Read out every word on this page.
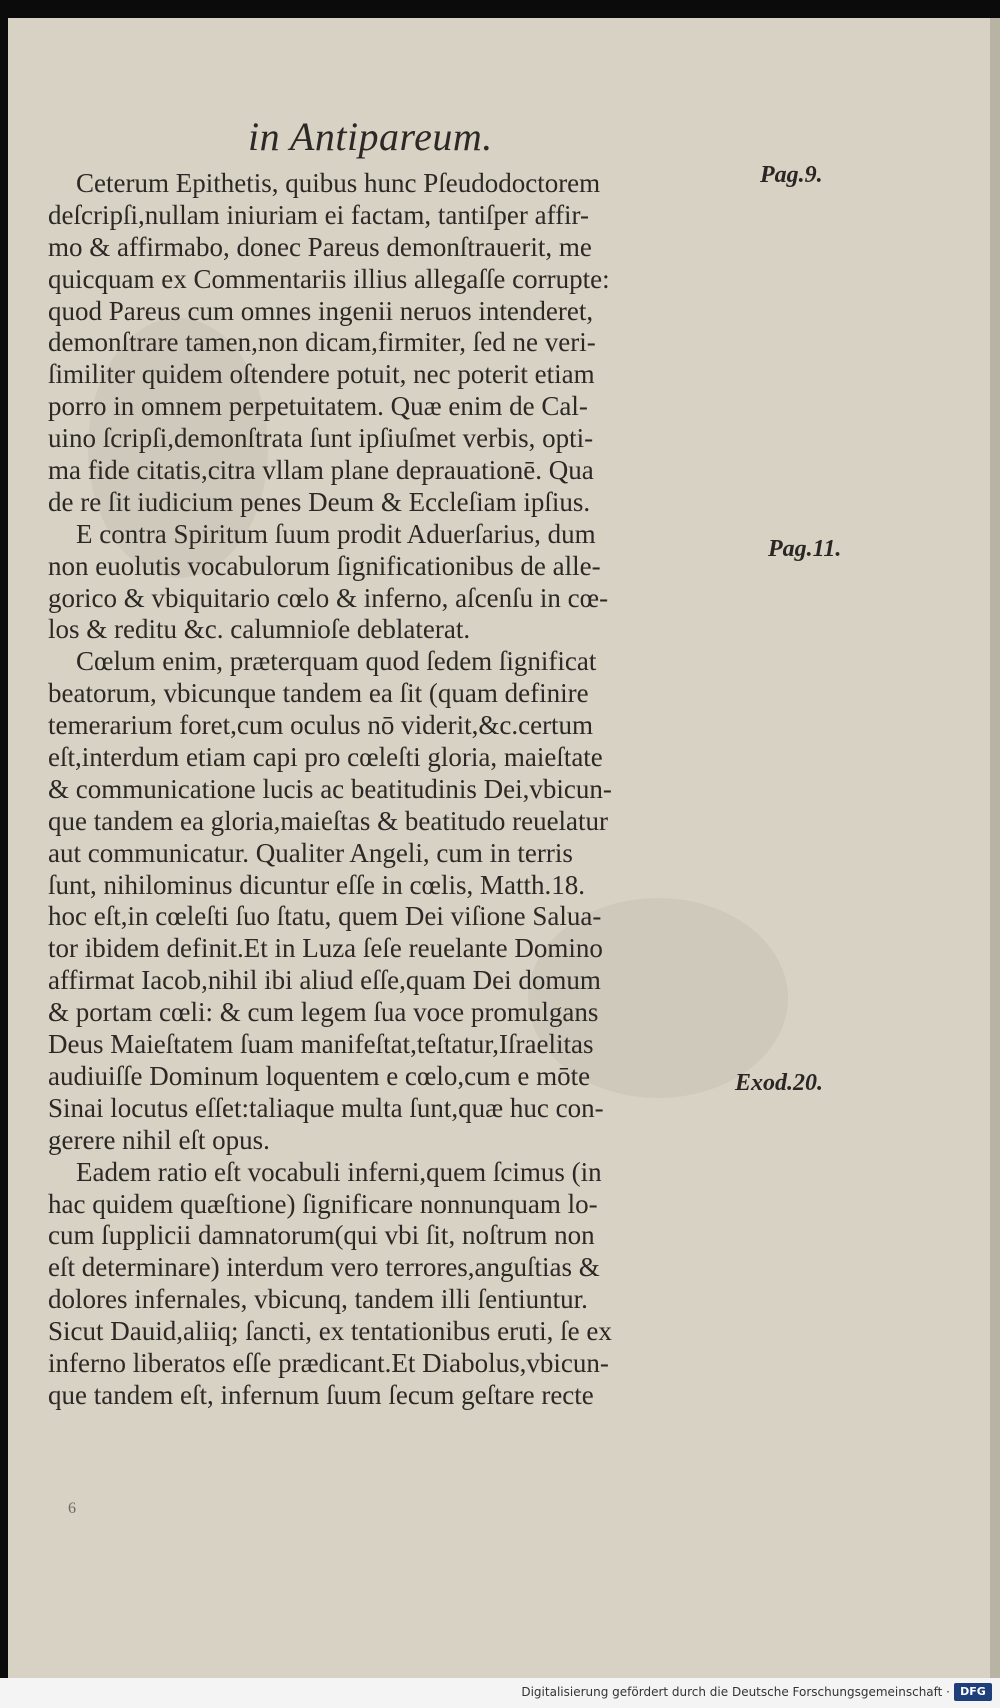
in Antipareum.
Ceterum Epithetis, quibus hunc Pſeudodoctorem
deſcripſi,nullam iniuriam ei factam, tantiſper affir-
mo & affirmabo, donec Pareus demonſtrauerit, me
quicquam ex Commentariis illius allegaſſe corrupte:
quod Pareus cum omnes ingenii neruos intenderet,
demonſtrare tamen,non dicam,firmiter, ſed ne veri-
ſimiliter quidem oſtendere potuit, nec poterit etiam
porro in omnem perpetuitatem. Quæ enim de Cal-
uino ſcripſi,demonſtrata ſunt ipſiuſmet verbis, opti-
ma fide citatis,citra vllam plane deprauationē. Qua
de re ſit iudicium penes Deum & Eccleſiam ipſius.
E contra Spiritum ſuum prodit Aduerſarius, dum
non euolutis vocabulorum ſignificationibus de alle-
gorico & vbiquitario cœlo & inferno, aſcenſu in cœ-
los & reditu &c. calumnioſe deblaterat.
Cœlum enim, præterquam quod ſedem ſignificat
beatorum, vbicunque tandem ea ſit (quam definire
temerarium foret,cum oculus nō viderit,&c.certum
eſt,interdum etiam capi pro cœleſti gloria, maieſtate
& communicatione lucis ac beatitudinis Dei,vbicun-
que tandem ea gloria,maieſtas & beatitudo reuelatur
aut communicatur. Qualiter Angeli, cum in terris
ſunt, nihilominus dicuntur eſſe in cœlis, Matth.18.
hoc eſt,in cœleſti ſuo ſtatu, quem Dei viſione Salua-
tor ibidem definit.Et in Luza ſeſe reuelante Domino
affirmat Iacob,nihil ibi aliud eſſe,quam Dei domum
& portam cœli: & cum legem ſua voce promulgans
Deus Maieſtatem ſuam manifeſtat,teſtatur,Iſraelitas
audiuiſſe Dominum loquentem e cœlo,cum e mōte
Sinai locutus eſſet:taliaque multa ſunt,quæ huc con-
gerere nihil eſt opus.
Eadem ratio eſt vocabuli inferni,quem ſcimus (in
hac quidem quæſtione) ſignificare nonnunquam lo-
cum ſupplicii damnatorum(qui vbi ſit, noſtrum non
eſt determinare) interdum vero terrores,anguſtias &
dolores infernales, vbicunq, tandem illi ſentiuntur.
Sicut Dauid,aliiq; ſancti, ex tentationibus eruti, ſe ex
inferno liberatos eſſe prædicant.Et Diabolus,vbicun-
que tandem eſt, infernum ſuum ſecum geſtare recte
Pag.9.
Pag.11.
Exod.20.
6
Digitalisierung gefördert durch die Deutsche Forschungsgemeinschaft · DFG
